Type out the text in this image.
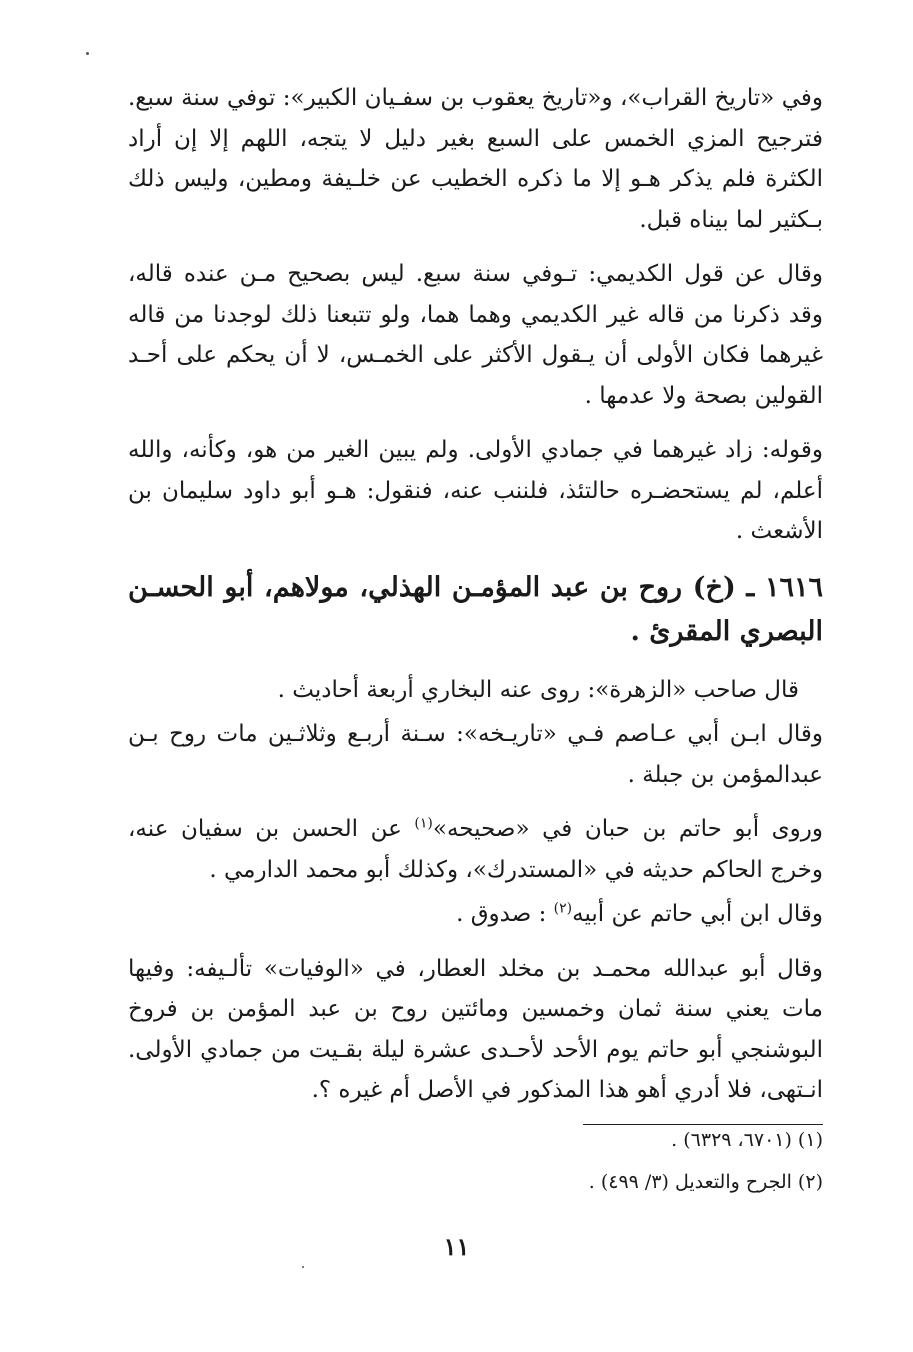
وفي «تاريخ القراب»، و«تاريخ يعقوب بن سفـيان الكبير»: توفي سنة سبع. فترجيح المزي الخمس على السبع بغير دليل لا يتجه، اللهم إلا إن أراد الكثرة فلم يذكر هـو إلا ما ذكره الخطيب عن خلـيفة ومطين، وليس ذلك بـكثير لما بيناه قبل.

وقال عن قول الكديمي: تـوفي سنة سبع. ليس بصحيح مـن عنده قاله، وقد ذكرنا من قاله غير الكديمي وهما هما، ولو تتبعنا ذلك لوجدنا من قاله غيرهما فكان الأولى أن يـقول الأكثر على الخمـس، لا أن يحكم على أحـد القولين بصحة ولا عدمها .

وقوله: زاد غيرهما في جمادي الأولى. ولم يبين الغير من هو، وكأنه، والله أعلم، لم يستحضـره حالتئذ، فلننب عنه، فنقول: هـو أبو داود سليمان بن الأشعث .

١٦١٦ ـ (خ) روح بن عبد المؤمـن الهذلي، مولاهم، أبو الحسـن البصري المقرئ .

قال صاحب «الزهرة»: روى عنه البخاري أربعة أحاديث .

وقال ابـن أبي عـاصم فـي «تاريـخه»: سـنة أربـع وثلاثـين مات روح بـن عبدالمؤمن بن جبلة .

وروى أبو حاتم بن حبان في «صحيحه»$^{(١)}$ عن الحسن بن سفيان عنه، وخرج الحاكم حديثه في «المستدرك»، وكذلك أبو محمد الدارمي .

وقال ابن أبي حاتم عن أبيه$^{(٢)}$ : صدوق .

وقال أبو عبدالله محمـد بن مخلد العطار، في «الوفيات» تألـيفه: وفيها مات يعني سنة ثمان وخمسين ومائتين روح بن عبد المؤمن بن فروخ البوشنجي أبو حاتم يوم الأحد لأحـدى عشرة ليلة بقـيت من جمادي الأولى. انـتهى، فلا أدري أهو هذا المذكور في الأصل أم غيره ؟.

(١) (٦٧٠١، ٦٣٢٩) .

(٢) الجرح والتعديل (٣/ ٤٩٩) .

١١
